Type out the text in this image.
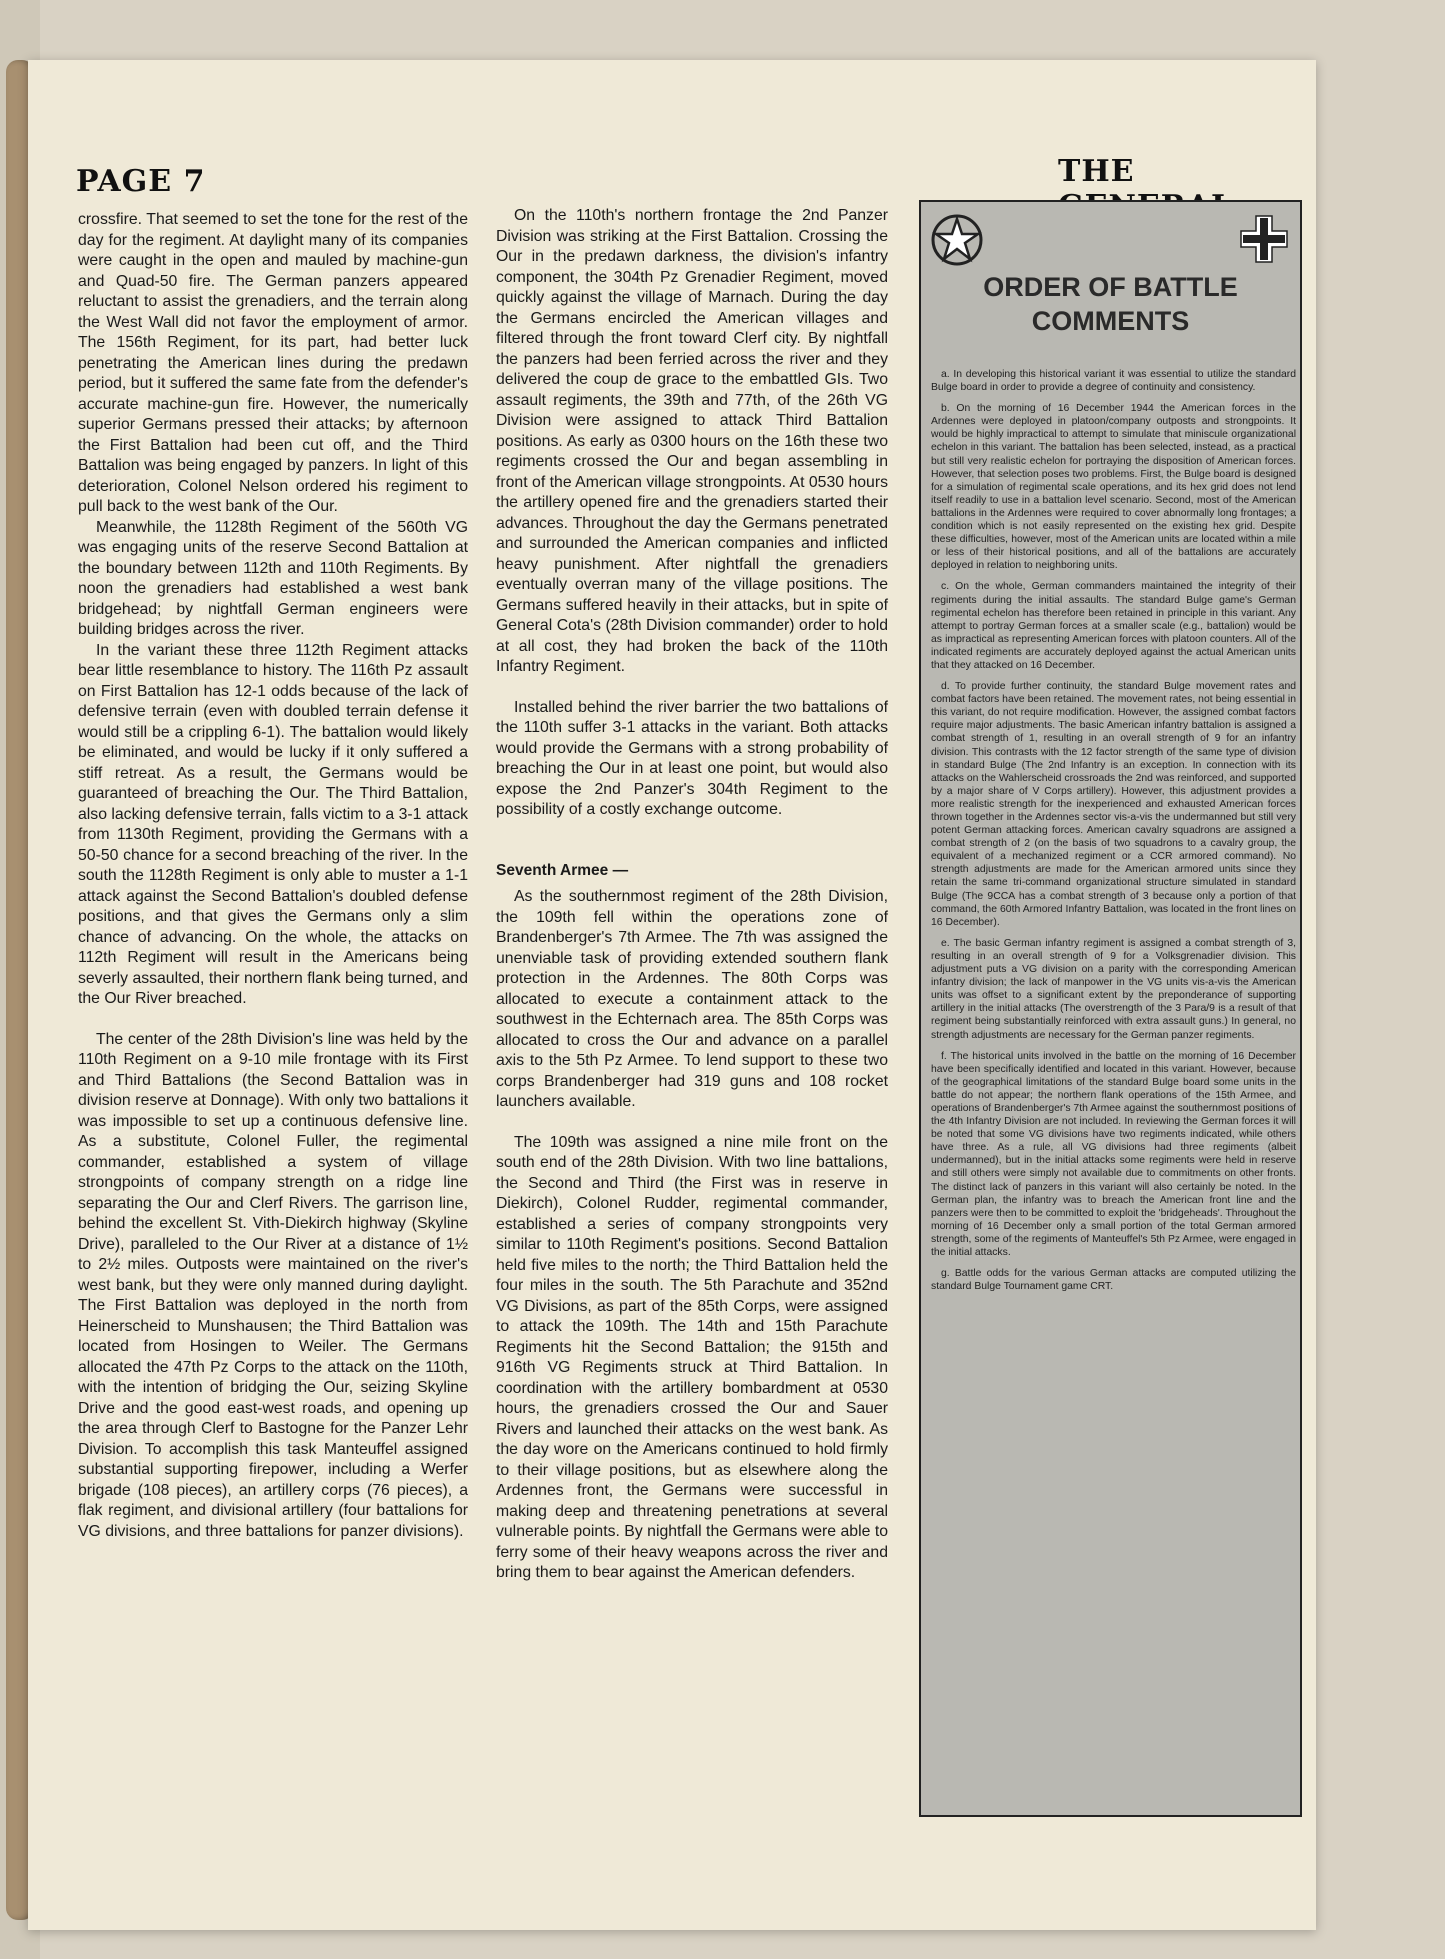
PAGE 7	THE

crossfire. That seemed to set the tone for the rest of the day for the regiment. At daylight many of its companies were caught in the open and mauled by machine-gun and Quad-50 fire. The German panzers appeared reluctant to assist the grenadiers, and the terrain along the West Wall did not favor the employment of armor. The 156th Regiment, for its part, had better luck penetrating the American lines during the predawn period, but it suffered the same fate from the defender's accurate machine-gun fire. However, the numerically superior Germans pressed their attacks; by afternoon the First Battalion had been cut off, and the Third Battalion was being engaged by panzers. In light of this deterioration, Colonel Nelson ordered his regiment to pull back to the west bank of the Our.

Meanwhile, the 1128th Regiment of the 560th VG was engaging units of the reserve Second Battalion at the boundary between 112th and 110th Regiments. By noon the grenadiers had established a west bank bridgehead; by nightfall German engineers were building bridges across the river.

In the variant these three 112th Regiment attacks bear little resemblance to history. The 116th Pz assault on First Battalion has 12-1 odds because of the lack of defensive terrain (even with doubled terrain defense it would still be a crippling 6-1). The battalion would likely be eliminated, and would be lucky if it only suffered a stiff retreat. As a result, the Germans would be guaranteed of breaching the Our. The Third Battalion, also lacking defensive terrain, falls victim to a 3-1 attack from 1130th Regiment, providing the Germans with a 50-50 chance for a second breaching of the river. In the south the 1128th Regiment is only able to muster a 1-1 attack against the Second Battalion's doubled defense positions, and that gives the Germans only a slim chance of advancing. On the whole, the attacks on 112th Regiment will result in the Americans being severly assaulted, their northern flank being turned, and the Our River breached.

The center of the 28th Division's line was held by the 110th Regiment on a 9-10 mile frontage with its First and Third Battalions (the Second Battalion was in division reserve at Donnage). With only two battalions it was impossible to set up a continuous defensive line. As a substitute, Colonel Fuller, the regimental commander, established a system of village strongpoints of company strength on a ridge line separating the Our and Clerf Rivers. The garrison line, behind the excellent St. Vith-Diekirch highway (Skyline Drive), paralleled to the Our River at a distance of 1½ to 2½ miles. Outposts were maintained on the river's west bank, but they were only manned during daylight. The First Battalion was deployed in the north from Heinerscheid to Munshausen; the Third Battalion was located from Hosingen to Weiler. The Germans allocated the 47th Pz Corps to the attack on the 110th, with the intention of bridging the Our, seizing Skyline Drive and the good east-west roads, and opening up the area through Clerf to Bastogne for the Panzer Lehr Division. To accomplish this task Manteuffel assigned substantial supporting firepower, including a Werfer brigade (108 pieces), an artillery corps (76 pieces), a flak regiment, and divisional artillery (four battalions for VG divisions, and three battalions for panzer divisions).

On the 110th's northern frontage the 2nd Panzer Division was striking at the First Battalion. Crossing the Our in the predawn darkness, the division's infantry component, the 304th Pz Grenadier Regiment, moved quickly against the village of Marnach. During the day the Germans encircled the American villages and filtered through the front toward Clerf city. By nightfall the panzers had been ferried across the river and they delivered the coup de grace to the embattled GIs. Two assault regiments, the 39th and 77th, of the 26th VG Division were assigned to attack Third Battalion positions. As early as 0300 hours on the 16th these two regiments crossed the Our and began assembling in front of the American village strongpoints. At 0530 hours the artillery opened fire and the grenadiers started their advances. Throughout the day the Germans penetrated and surrounded the American companies and inflicted heavy punishment. After nightfall the grenadiers eventually overran many of the village positions. The Germans suffered heavily in their attacks, but in spite of General Cota's (28th Division commander) order to hold at all cost, they had broken the back of the 110th Infantry Regiment.

Installed behind the river barrier the two battalions of the 110th suffer 3-1 attacks in the variant. Both attacks would provide the Germans with a strong probability of breaching the Our in at least one point, but would also expose the 2nd Panzer's 304th Regiment to the possibility of a costly exchange outcome.

Seventh Armee —

As the southernmost regiment of the 28th Division, the 109th fell within the operations zone of Brandenberger's 7th Armee. The 7th was assigned the unenviable task of providing extended southern flank protection in the Ardennes. The 80th Corps was allocated to execute a containment attack to the southwest in the Echternach area. The 85th Corps was allocated to cross the Our and advance on a parallel axis to the 5th Pz Armee. To lend support to these two corps Brandenberger had 319 guns and 108 rocket launchers available.

The 109th was assigned a nine mile front on the south end of the 28th Division. With two line battalions, the Second and Third (the First was in reserve in Diekirch), Colonel Rudder, regimental commander, established a series of company strongpoints very similar to 110th Regiment's positions. Second Battalion held five miles to the north; the Third Battalion held the four miles in the south. The 5th Parachute and 352nd VG Divisions, as part of the 85th Corps, were assigned to attack the 109th. The 14th and 15th Parachute Regiments hit the Second Battalion; the 915th and 916th VG Regiments struck at Third Battalion. In coordination with the artillery bombardment at 0530 hours, the grenadiers crossed the Our and Sauer Rivers and launched their attacks on the west bank. As the day wore on the Americans continued to hold firmly to their village positions, but as elsewhere along the Ardennes front, the Germans were successful in making deep and threatening penetrations at several vulnerable points. By nightfall the Germans were able to ferry some of their heavy weapons across the river and bring them to bear against the American defenders.

ORDER OF BATTLE
COMMENTS

a. In developing this historical variant it was essential to utilize the standard Bulge board in order to provide a degree of continuity and consistency.

b. On the morning of 16 December 1944 the American forces in the Ardennes were deployed in platoon/company outposts and strongpoints. It would be highly impractical to attempt to simulate that miniscule organizational echelon in this variant. The battalion has been selected, instead, as a practical but still very realistic echelon for portraying the disposition of American forces. However, that selection poses two problems. First, the Bulge board is designed for a simulation of regimental scale operations, and its hex grid does not lend itself readily to use in a battalion level scenario. Second, most of the American battalions in the Ardennes were required to cover abnormally long frontages; a condition which is not easily represented on the existing hex grid. Despite these difficulties, however, most of the American units are located within a mile or less of their historical positions, and all of the battalions are accurately deployed in relation to neighboring units.

c. On the whole, German commanders maintained the integrity of their regiments during the initial assaults. The standard Bulge game's German regimental echelon has therefore been retained in principle in this variant. Any attempt to portray German forces at a smaller scale (e.g., battalion) would be as impractical as representing American forces with platoon counters. All of the indicated regiments are accurately deployed against the actual American units that they attacked on 16 December.

d. To provide further continuity, the standard Bulge movement rates and combat factors have been retained. The movement rates, not being essential in this variant, do not require modification. However, the assigned combat factors require major adjustments. The basic American infantry battalion is assigned a combat strength of 1, resulting in an overall strength of 9 for an infantry division. This contrasts with the 12 factor strength of the same type of division in standard Bulge (The 2nd Infantry is an exception. In connection with its attacks on the Wahlerscheid crossroads the 2nd was reinforced, and supported by a major share of V Corps artillery). However, this adjustment provides a more realistic strength for the inexperienced and exhausted American forces thrown together in the Ardennes sector vis-a-vis the undermanned but still very potent German attacking forces. American cavalry squadrons are assigned a combat strength of 2 (on the basis of two squadrons to a cavalry group, the equivalent of a mechanized regiment or a CCR armored command). No strength adjustments are made for the American armored units since they retain the same tri-command organizational structure simulated in standard Bulge (The 9CCA has a combat strength of 3 because only a portion of that command, the 60th Armored Infantry Battalion, was located in the front lines on 16 December).

e. The basic German infantry regiment is assigned a combat strength of 3, resulting in an overall strength of 9 for a Volksgrenadier division. This adjustment puts a VG division on a parity with the corresponding American infantry division; the lack of manpower in the VG units vis-a-vis the American units was offset to a significant extent by the preponderance of supporting artillery in the initial attacks (The overstrength of the 3 Para/9 is a result of that regiment being substantially reinforced with extra assault guns.) In general, no strength adjustments are necessary for the German panzer regiments.

f. The historical units involved in the battle on the morning of 16 December have been specifically identified and located in this variant. However, because of the geographical limitations of the standard Bulge board some units in the battle do not appear; the northern flank operations of the 15th Armee, and operations of Brandenberger's 7th Armee against the southernmost positions of the 4th Infantry Division are not included. In reviewing the German forces it will be noted that some VG divisions have two regiments indicated, while others have three. As a rule, all VG divisions had three regiments (albeit undermanned), but in the initial attacks some regiments were held in reserve and still others were simply not available due to commitments on other fronts. The distinct lack of panzers in this variant will also certainly be noted. In the German plan, the infantry was to breach the American front line and the panzers were then to be committed to exploit the 'bridgeheads'. Throughout the morning of 16 December only a small portion of the total German armored strength, some of the regiments of Manteuffel's 5th Pz Armee, were engaged in the initial attacks.

g. Battle odds for the various German attacks are computed utilizing the standard Bulge Tournament game CRT.
